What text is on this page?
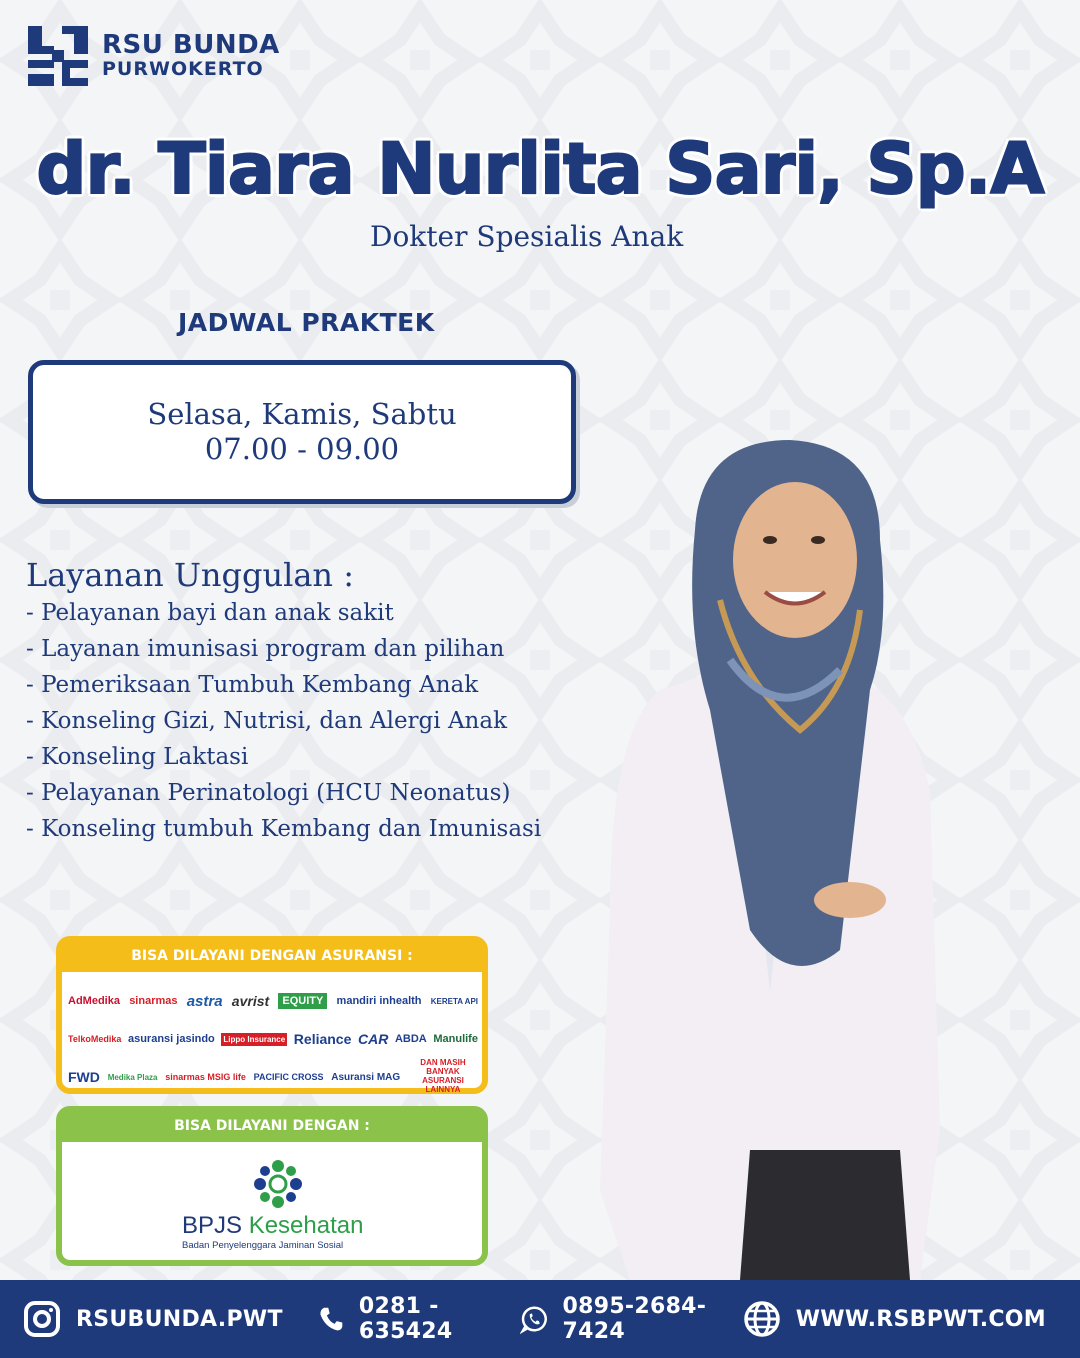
RSU BUNDA
PURWOKERTO
dr. Tiara Nurlita Sari, Sp.A
Dokter Spesialis Anak
JADWAL PRAKTEK
Selasa, Kamis, Sabtu
07.00 - 09.00
Layanan Unggulan :
- Pelayanan bayi dan anak sakit
- Layanan imunisasi program dan pilihan
- Pemeriksaan Tumbuh Kembang Anak
- Konseling Gizi, Nutrisi, dan Alergi Anak
- Konseling Laktasi
- Pelayanan Perinatologi (HCU Neonatus)
- Konseling tumbuh Kembang dan Imunisasi
BISA DILAYANI DENGAN ASURANSI :
AdMedika sinarmas astra avrist	EQUITY	mandiri inhealth KERETA API
TelkoMedika asuransi jasindo Lippo Insurance Reliance CAR ABDA Manulife
FWD Medika Plaza sinarmas MSIG life PACIFIC CROSS Asuransi MAG
DAN MASIH BANYAK ASURANSI LAINNYA
BISA DILAYANI DENGAN :
BPJS Kesehatan
Badan Penyelenggara Jaminan Sosial
RSUBUNDA.PWT	0281 - 635424
0895-2684-7424	WWW.RSBPWT.COM
